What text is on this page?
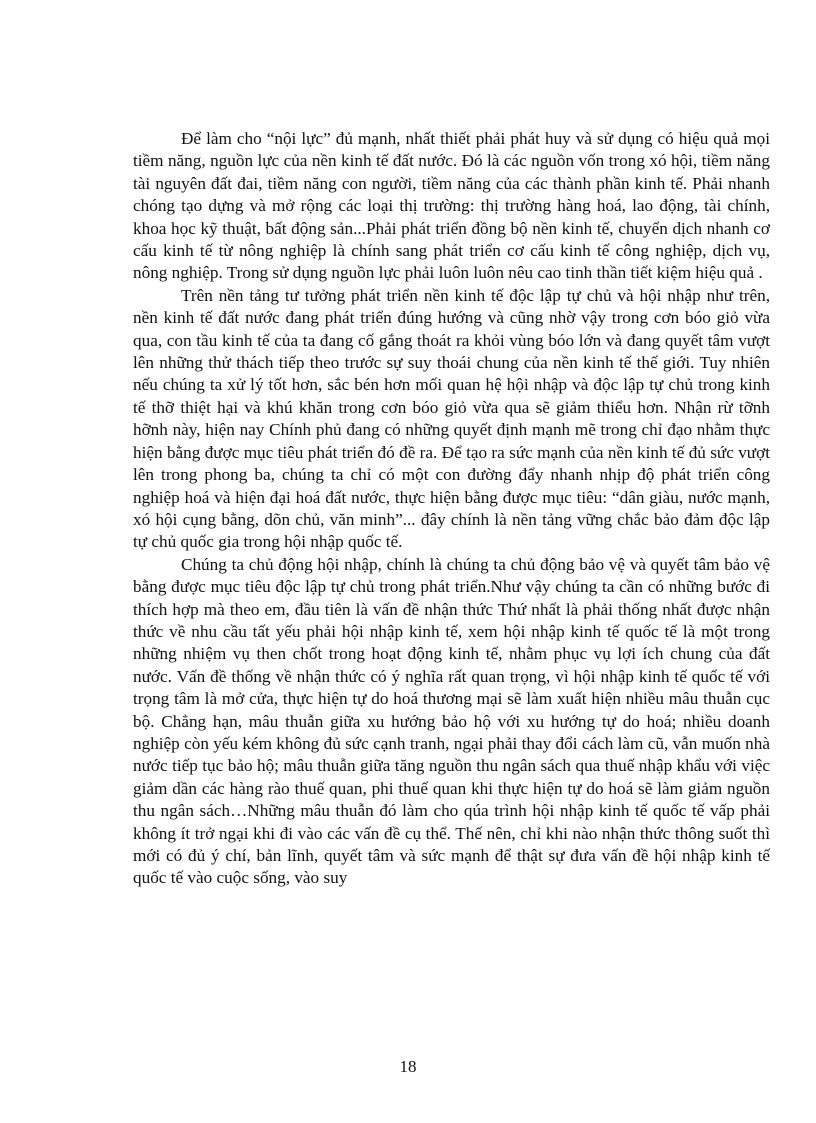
Để làm cho “nội lực” đủ mạnh, nhất thiết phải phát huy và sử dụng có hiệu quả mọi tiềm năng, nguồn lực của nền kinh tế đất nước. Đó là các nguồn vốn trong xó hội, tiềm năng tài nguyên đất đai, tiềm năng con người, tiềm năng của các thành phần kinh tế. Phải nhanh chóng tạo dựng và mở rộng các loại thị trường: thị trường hàng hoá, lao động, tài chính, khoa học kỹ thuật, bất động sản...Phải phát triển đồng bộ nền kinh tế, chuyển dịch nhanh cơ cấu kinh tế từ nông nghiệp là chính sang phát triển cơ cấu kinh tế công nghiệp, dịch vụ, nông nghiệp. Trong sử dụng nguồn lực phải luôn luôn nêu cao tinh thần tiết kiệm hiệu quả .

Trên nền tảng tư tưởng phát triển nền kinh tế độc lập tự chủ và hội nhập như trên, nền kinh tế đất nước đang phát triển đúng hướng và cũng nhờ vậy trong cơn bóo giỏ vừa qua, con tầu kinh tế của ta đang cố gắng thoát ra khỏi vùng bóo lớn và đang quyết tâm vượt lên những thử thách tiếp theo trước sự suy thoái chung của nền kinh tế thế giới. Tuy nhiên nếu chúng ta xử lý tốt hơn, sắc bén hơn mối quan hệ hội nhập và độc lập tự chủ trong kinh tế thỡ thiệt hại và khú khăn trong cơn bóo giỏ vừa qua sẽ giảm thiểu hơn. Nhận rừ tỡnh hỡnh này, hiện nay Chính phủ đang có những quyết định mạnh mẽ trong chỉ đạo nhằm thực hiện bằng được mục tiêu phát triển đó đề ra. Để tạo ra sức mạnh của nền kinh tế đủ sức vượt lên trong phong ba, chúng ta chỉ có một con đường đẩy nhanh nhịp độ phát triển công nghiệp hoá và hiện đại hoá đất nước, thực hiện bằng được mục tiêu: “dân giàu, nước mạnh, xó hội cụng bằng, dõn chủ, văn minh”... đây chính là nền tảng vững chắc bảo đảm độc lập tự chủ quốc gia trong hội nhập quốc tế.

Chúng ta chủ động hội nhập, chính là chúng ta chủ động bảo vệ và quyết tâm bảo vệ bằng được mục tiêu độc lập tự chủ trong phát triển.Như vậy chúng ta cần có những bước đi thích hợp mà theo em, đầu tiên là vấn đề nhận thức Thứ nhất là phải thống nhất được nhận thức về nhu cầu tất yếu phải hội nhập kinh tế, xem hội nhập kinh tế quốc tế là một trong những nhiệm vụ then chốt trong hoạt động kinh tế, nhằm phục vụ lợi ích chung của đất nước. Vấn đề thống về nhận thức có ý nghĩa rất quan trọng, vì hội nhập kinh tế quốc tế với trọng tâm là mở cửa, thực hiện tự do hoá thương mại sẽ làm xuất hiện nhiều mâu thuẫn cục bộ. Chẳng hạn, mâu thuẫn giữa xu hướng bảo hộ với xu hướng tự do hoá; nhiều doanh nghiệp còn yếu kém không đủ sức cạnh tranh, ngại phải thay đổi cách làm cũ, vẫn muốn nhà nước tiếp tục bảo hộ; mâu thuẫn giữa tăng nguồn thu ngân sách qua thuế nhập khẩu với việc giảm dần các hàng rào thuế quan, phi thuế quan khi thực hiện tự do hoá sẽ làm giảm nguồn thu ngân sách…Những mâu thuẫn đó làm cho qúa trình hội nhập kinh tế quốc tế vấp phải không ít trở ngại khi đi vào các vấn đề cụ thể. Thế nên, chỉ khi nào nhận thức thông suốt thì mới có đủ ý chí, bản lĩnh, quyết tâm và sức mạnh để thật sự đưa vấn đề hội nhập kinh tế quốc tế vào cuộc sống, vào suy

18
